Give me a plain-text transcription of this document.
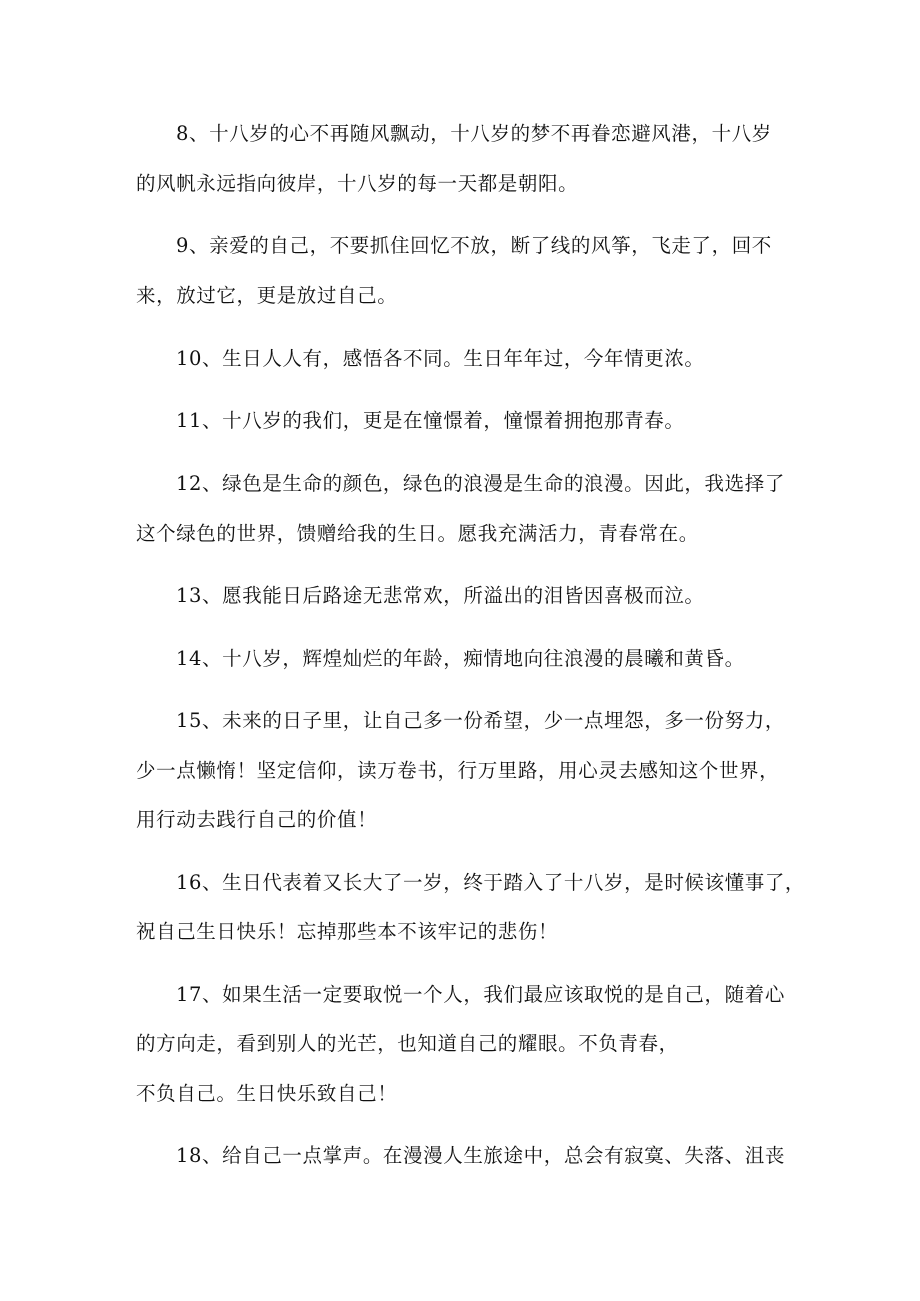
8、十八岁的心不再随风飘动，十八岁的梦不再眷恋避风港，十八岁
的风帆永远指向彼岸，十八岁的每一天都是朝阳。
9、亲爱的自己，不要抓住回忆不放，断了线的风筝，飞走了，回不
来，放过它，更是放过自己。
10、生日人人有，感悟各不同。生日年年过，今年情更浓。
11、十八岁的我们，更是在憧憬着，憧憬着拥抱那青春。
12、绿色是生命的颜色，绿色的浪漫是生命的浪漫。因此，我选择了
这个绿色的世界，馈赠给我的生日。愿我充满活力，青春常在。
13、愿我能日后路途无悲常欢，所溢出的泪皆因喜极而泣。
14、十八岁，辉煌灿烂的年龄，痴情地向往浪漫的晨曦和黄昏。
15、未来的日子里，让自己多一份希望，少一点埋怨，多一份努力，
少一点懒惰！坚定信仰，读万卷书，行万里路，用心灵去感知这个世界，
用行动去践行自己的价值！
16、生日代表着又长大了一岁，终于踏入了十八岁，是时候该懂事了，
祝自己生日快乐！忘掉那些本不该牢记的悲伤！
17、如果生活一定要取悦一个人，我们最应该取悦的是自己，随着心
的方向走，看到别人的光芒，也知道自己的耀眼。不负青春，
不负自己。生日快乐致自己！
18、给自己一点掌声。在漫漫人生旅途中，总会有寂寞、失落、沮丧
